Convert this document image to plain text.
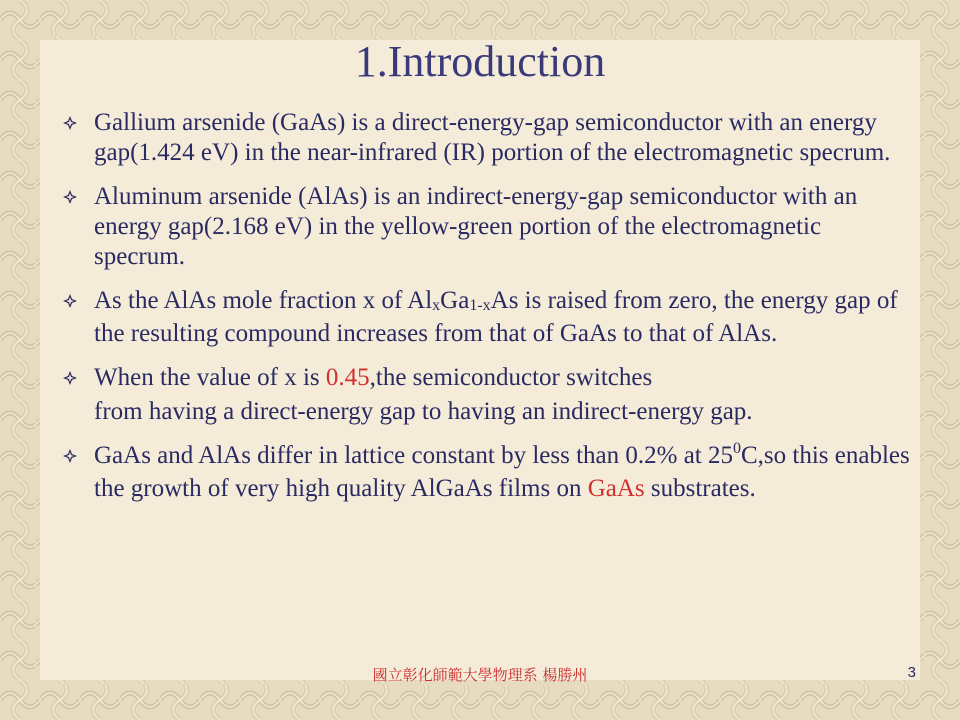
1.Introduction
Gallium arsenide (GaAs) is a direct-energy-gap semiconductor with an energy gap(1.424 eV) in the near-infrared (IR) portion of the electromagnetic specrum.
Aluminum arsenide (AlAs) is an indirect-energy-gap semiconductor with an energy gap(2.168 eV) in the yellow-green portion of the electromagnetic specrum.
As the AlAs mole fraction x of $Al_xGa_{1-x}As$ is raised from zero, the energy gap of the resulting compound increases from that of GaAs to that of AlAs.
When the value of x is 0.45,the semiconductor switches
from having a direct-energy gap to having an indirect-energy gap.
GaAs and AlAs differ in lattice constant by less than 0.2% at $25^0C,so$ this enables the growth of very high quality AlGaAs films on GaAs substrates.
國立彰化師範大學物理系 楊勝州	3
